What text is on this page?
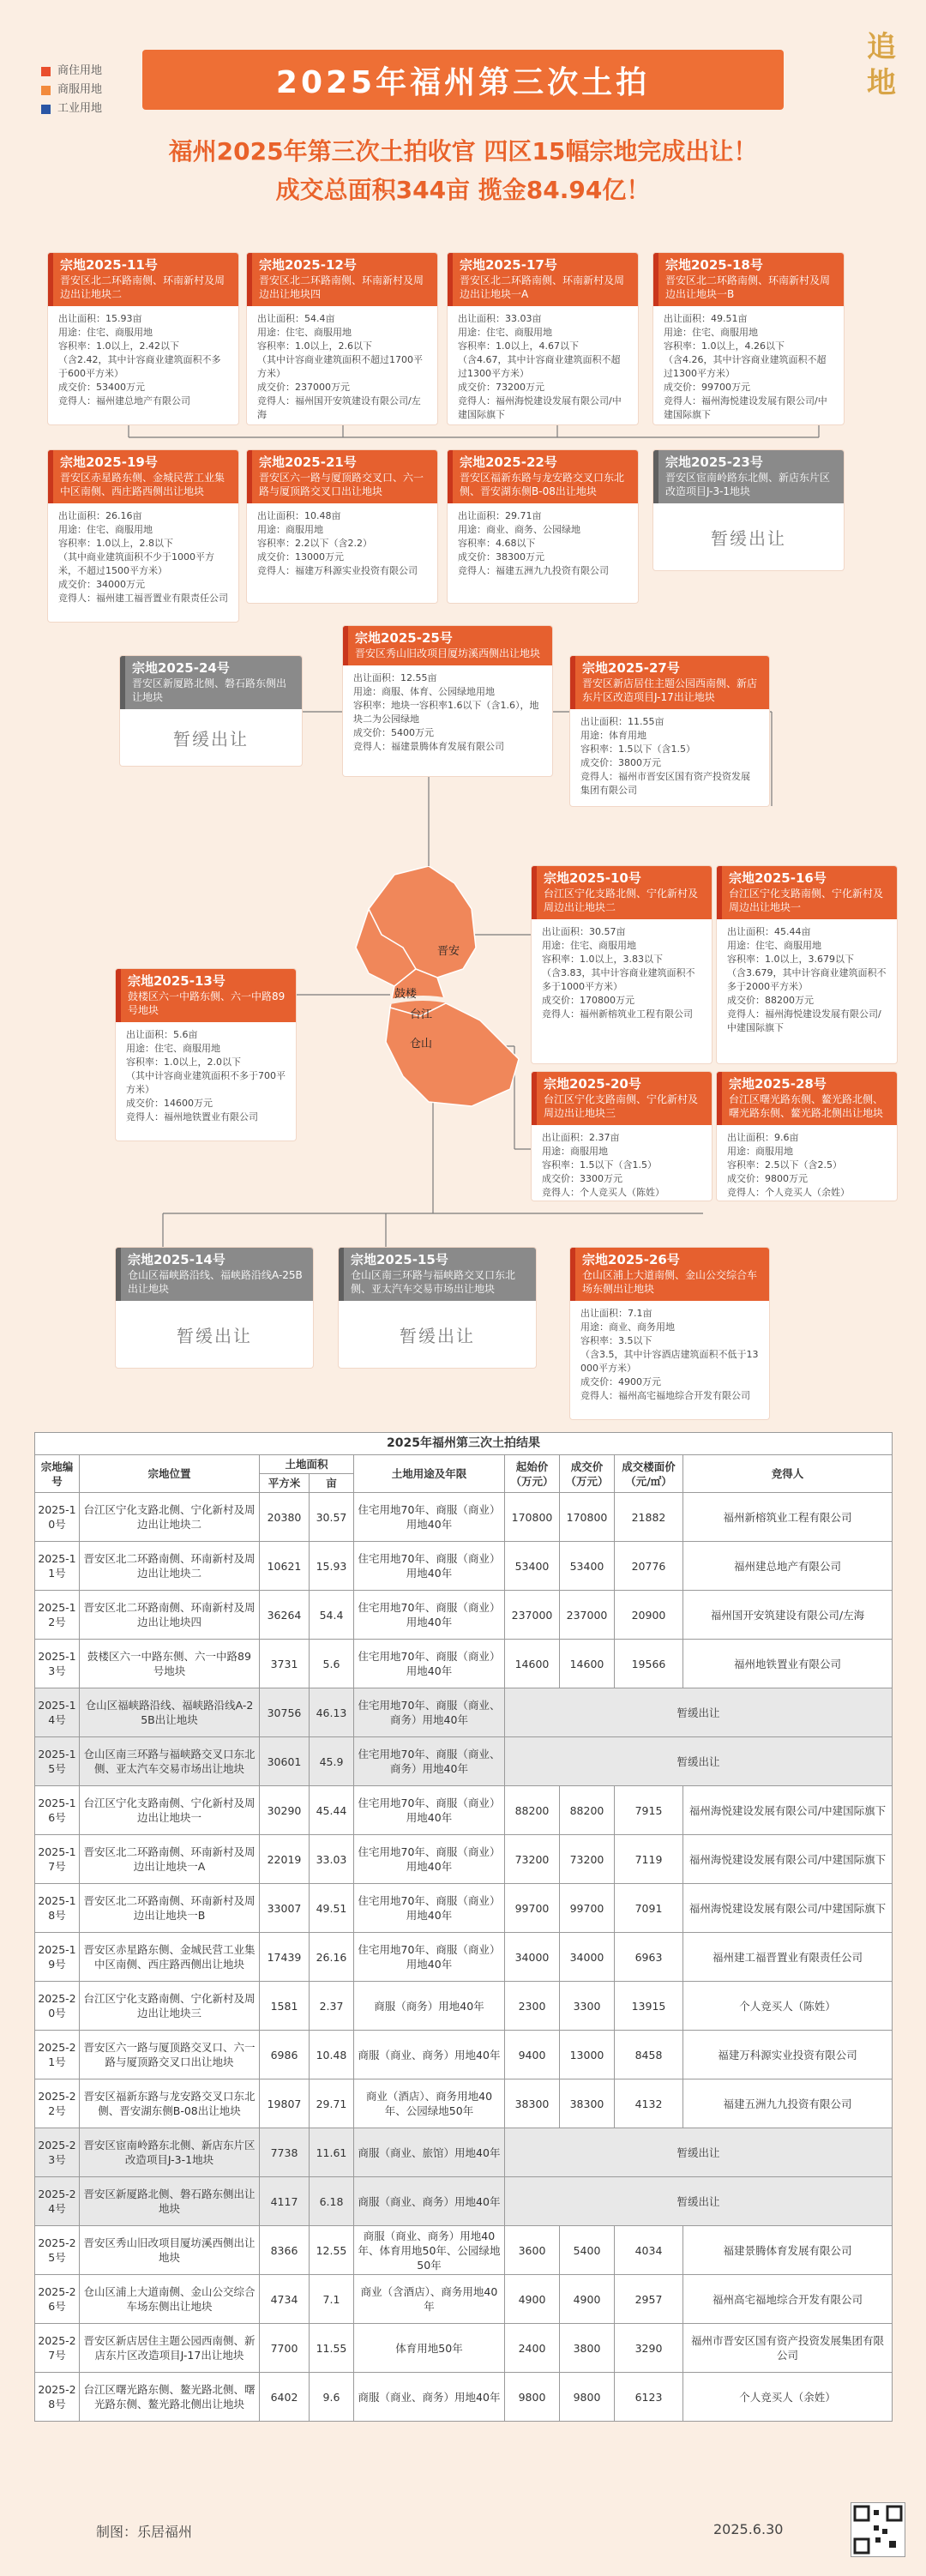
商住用地
商服用地
工业用地
追
地
2025年福州第三次土拍
福州2025年第三次土拍收官 四区15幅宗地完成出让！
成交总面积344亩 揽金84.94亿！
宗地2025-11号
晋安区北二环路南侧、环南新村及周边出让地块二
出让面积：15.93亩
用途：住宅、商服用地
容积率：1.0以上，2.42以下
（含2.42，其中计容商业建筑面积不多于600平方米）
成交价：53400万元
竞得人：福州建总地产有限公司
宗地2025-12号
晋安区北二环路南侧、环南新村及周边出让地块四
出让面积：54.4亩
用途：住宅、商服用地
容积率：1.0以上，2.6以下
（其中计容商业建筑面积不超过1700平方米）
成交价：237000万元
竞得人：福州国开安筑建设有限公司/左海
宗地2025-17号
晋安区北二环路南侧、环南新村及周边出让地块一A
出让面积：33.03亩
用途：住宅、商服用地
容积率：1.0以上，4.67以下
（含4.67，其中计容商业建筑面积不超过1300平方米）
成交价：73200万元
竞得人：福州海悦建设发展有限公司/中建国际旗下
宗地2025-18号
晋安区北二环路南侧、环南新村及周边出让地块一B
出让面积：49.51亩
用途：住宅、商服用地
容积率：1.0以上，4.26以下
（含4.26，其中计容商业建筑面积不超过1300平方米）
成交价：99700万元
竞得人：福州海悦建设发展有限公司/中建国际旗下
宗地2025-19号
晋安区赤星路东侧、金城民营工业集中区南侧、西庄路西侧出让地块
出让面积：26.16亩
用途：住宅、商服用地
容积率：1.0以上，2.8以下
（其中商业建筑面积不少于1000平方米，不超过1500平方米）
成交价：34000万元
竞得人：福州建工福晋置业有限责任公司
宗地2025-21号
晋安区六一路与厦顶路交叉口、六一路与厦顶路交叉口出让地块
出让面积：10.48亩
用途：商服用地
容积率：2.2以下（含2.2）
成交价：13000万元
竞得人：福建万科源实业投资有限公司
宗地2025-22号
晋安区福新东路与龙安路交叉口东北侧、晋安湖东侧B-08出让地块
出让面积：29.71亩
用途：商业、商务、公园绿地
容积率：4.68以下
成交价：38300万元
竞得人：福建五洲九九投资有限公司
宗地2025-23号
晋安区宦南岭路东北侧、新店东片区改造项目J-3-1地块
暂缓出让
宗地2025-24号
晋安区新厦路北侧、磐石路东侧出让地块
暂缓出让
宗地2025-25号
晋安区秀山旧改项目厦坊溪西侧出让地块
出让面积：12.55亩
用途：商服、体育、公园绿地用地
容积率：地块一容积率1.6以下（含1.6），地块二为公园绿地
成交价：5400万元
竞得人：福建景腾体育发展有限公司
宗地2025-27号
晋安区新店居住主题公园西南侧、新店东片区改造项目J-17出让地块
出让面积：11.55亩
用途：体育用地
容积率：1.5以下（含1.5）
成交价：3800万元
竞得人：福州市晋安区国有资产投资发展集团有限公司
晋安
鼓楼
台江
仓山
宗地2025-10号
台江区宁化支路北侧、宁化新村及周边出让地块二
出让面积：30.57亩
用途：住宅、商服用地
容积率：1.0以上，3.83以下
（含3.83，其中计容商业建筑面积不多于1000平方米）
成交价：170800万元
竞得人：福州新榕筑业工程有限公司
宗地2025-16号
台江区宁化支路南侧、宁化新村及周边出让地块一
出让面积：45.44亩
用途：住宅、商服用地
容积率：1.0以上，3.679以下
（含3.679，其中计容商业建筑面积不多于2000平方米）
成交价：88200万元
竞得人：福州海悦建设发展有限公司/中建国际旗下
宗地2025-13号
鼓楼区六一中路东侧、六一中路89号地块
出让面积：5.6亩
用途：住宅、商服用地
容积率：1.0以上，2.0以下
（其中计容商业建筑面积不多于700平方米）
成交价：14600万元
竞得人：福州地铁置业有限公司
宗地2025-20号
台江区宁化支路南侧、宁化新村及周边出让地块三
出让面积：2.37亩
用途：商服用地
容积率：1.5以下（含1.5）
成交价：3300万元
竞得人：个人竞买人（陈姓）
宗地2025-28号
台江区曙光路东侧、鳌光路北侧、曙光路东侧、鳌光路北侧出让地块
出让面积：9.6亩
用途：商服用地
容积率：2.5以下（含2.5）
成交价：9800万元
竞得人：个人竞买人（余姓）
宗地2025-14号
仓山区福峡路沿线、福峡路沿线A-25B出让地块
暂缓出让
宗地2025-15号
仓山区南三环路与福峡路交叉口东北侧、亚太汽车交易市场出让地块
暂缓出让
宗地2025-26号
仓山区浦上大道南侧、金山公交综合车场东侧出让地块
出让面积：7.1亩
用途：商业、商务用地
容积率：3.5以下
（含3.5，其中计容酒店建筑面积不低于13000平方米）
成交价：4900万元
竞得人：福州高宅福地综合开发有限公司
2025年福州第三次土拍结果								
宗地编号	宗地位置	土地面积		土地用途及年限	起始价（万元）	成交价（万元）	成交楼面价（元/㎡）	竞得人
		平方米	亩					
2025-10号	台江区宁化支路北侧、宁化新村及周边出让地块二	20380	30.57	住宅用地70年、商服（商业）用地40年	170800	170800	21882	福州新榕筑业工程有限公司
2025-11号	晋安区北二环路南侧、环南新村及周边出让地块二	10621	15.93	住宅用地70年、商服（商业）用地40年	53400	53400	20776	福州建总地产有限公司
2025-12号	晋安区北二环路南侧、环南新村及周边出让地块四	36264	54.4	住宅用地70年、商服（商业）用地40年	237000	237000	20900	福州国开安筑建设有限公司/左海
2025-13号	鼓楼区六一中路东侧、六一中路89号地块	3731	5.6	住宅用地70年、商服（商业）用地40年	14600	14600	19566	福州地铁置业有限公司
2025-14号	仓山区福峡路沿线、福峡路沿线A-25B出让地块	30756	46.13	住宅用地70年、商服（商业、商务）用地40年	暂缓出让			
2025-15号	仓山区南三环路与福峡路交叉口东北侧、亚太汽车交易市场出让地块	30601	45.9	住宅用地70年、商服（商业、商务）用地40年	暂缓出让			
2025-16号	台江区宁化支路南侧、宁化新村及周边出让地块一	30290	45.44	住宅用地70年、商服（商业）用地40年	88200	88200	7915	福州海悦建设发展有限公司/中建国际旗下
2025-17号	晋安区北二环路南侧、环南新村及周边出让地块一A	22019	33.03	住宅用地70年、商服（商业）用地40年	73200	73200	7119	福州海悦建设发展有限公司/中建国际旗下
2025-18号	晋安区北二环路南侧、环南新村及周边出让地块一B	33007	49.51	住宅用地70年、商服（商业）用地40年	99700	99700	7091	福州海悦建设发展有限公司/中建国际旗下
2025-19号	晋安区赤星路东侧、金城民营工业集中区南侧、西庄路西侧出让地块	17439	26.16	住宅用地70年、商服（商业）用地40年	34000	34000	6963	福州建工福晋置业有限责任公司
2025-20号	台江区宁化支路南侧、宁化新村及周边出让地块三	1581	2.37	商服（商务）用地40年	2300	3300	13915	个人竞买人（陈姓）
2025-21号	晋安区六一路与厦顶路交叉口、六一路与厦顶路交叉口出让地块	6986	10.48	商服（商业、商务）用地40年	9400	13000	8458	福建万科源实业投资有限公司
2025-22号	晋安区福新东路与龙安路交叉口东北侧、晋安湖东侧B-08出让地块	19807	29.71	商业（酒店）、商务用地40年、公园绿地50年	38300	38300	4132	福建五洲九九投资有限公司
2025-23号	晋安区宦南岭路东北侧、新店东片区改造项目J-3-1地块	7738	11.61	商服（商业、旅馆）用地40年	暂缓出让			
2025-24号	晋安区新厦路北侧、磐石路东侧出让地块	4117	6.18	商服（商业、商务）用地40年	暂缓出让			
2025-25号	晋安区秀山旧改项目厦坊溪西侧出让地块	8366	12.55	商服（商业、商务）用地40年、体育用地50年、公园绿地50年	3600	5400	4034	福建景腾体育发展有限公司
2025-26号	仓山区浦上大道南侧、金山公交综合车场东侧出让地块	4734	7.1	商业（含酒店）、商务用地40年	4900	4900	2957	福州高宅福地综合开发有限公司
2025-27号	晋安区新店居住主题公园西南侧、新店东片区改造项目J-17出让地块	7700	11.55	体育用地50年	2400	3800	3290	福州市晋安区国有资产投资发展集团有限公司
2025-28号	台江区曙光路东侧、鳌光路北侧、曙光路东侧、鳌光路北侧出让地块	6402	9.6	商服（商业、商务）用地40年	9800	9800	6123	个人竞买人（余姓）
制图：乐居福州	2025.6.30
